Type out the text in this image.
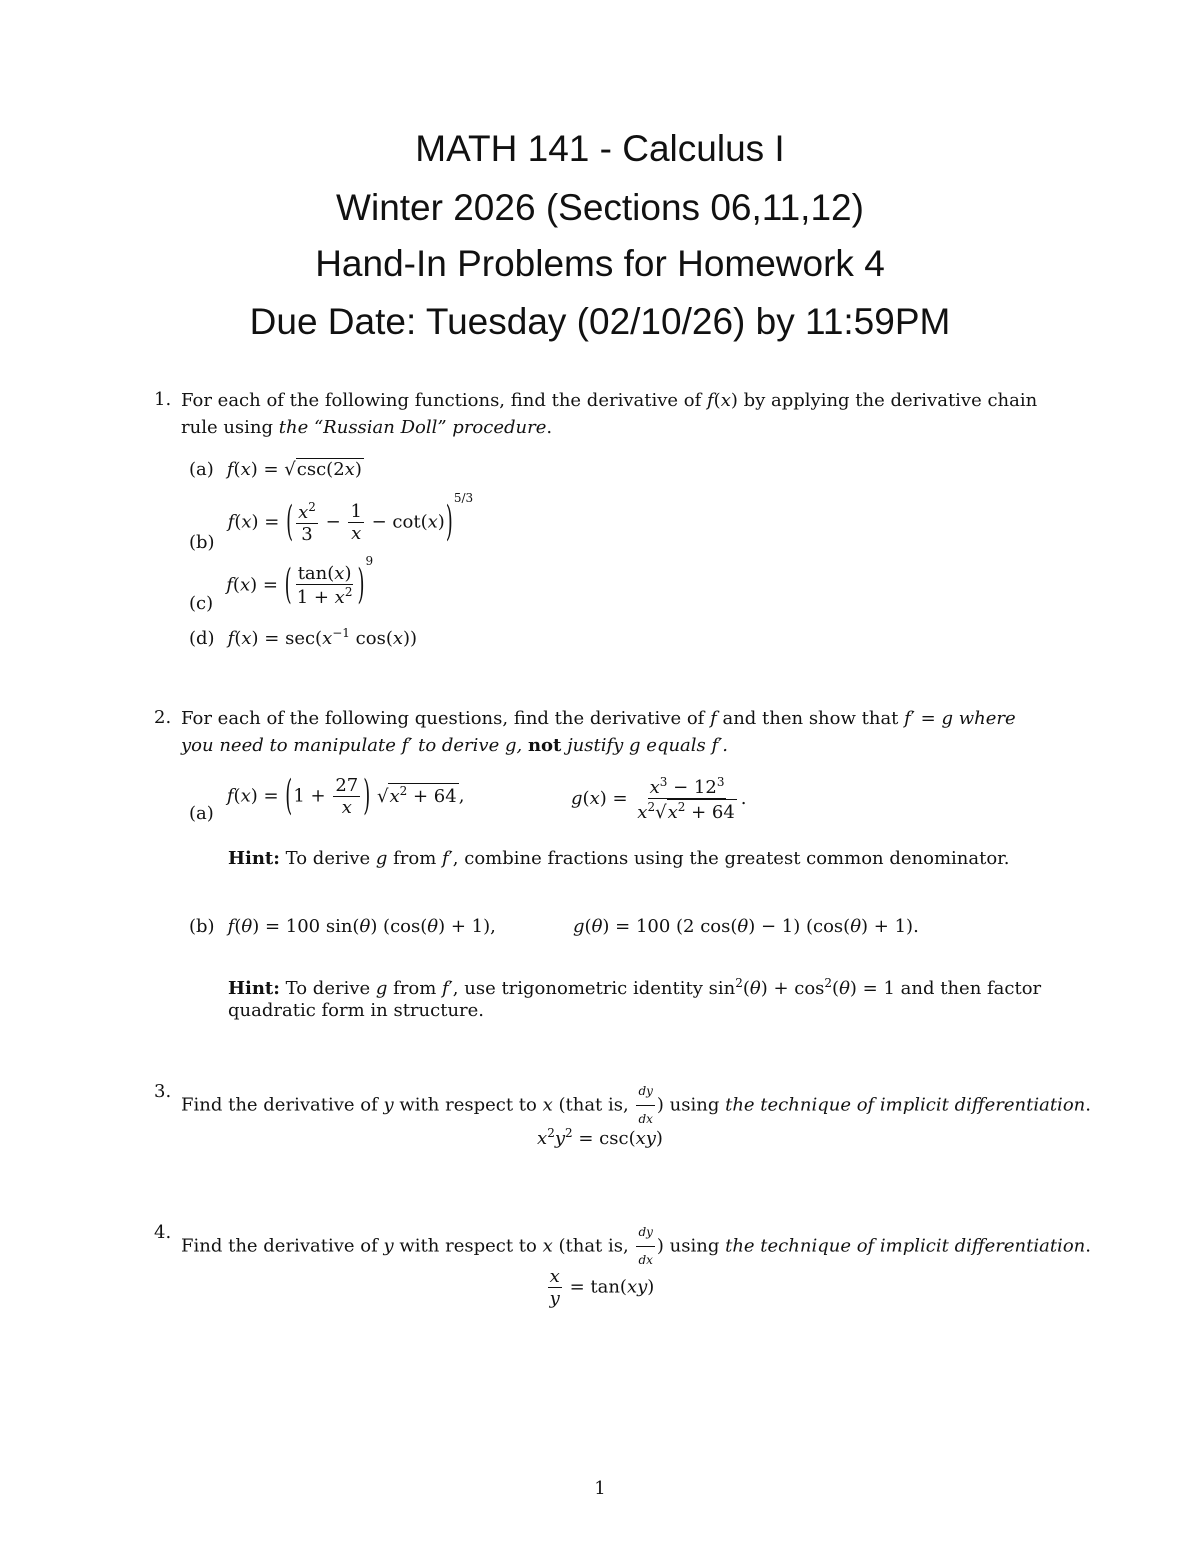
MATH 141 - Calculus I
Winter 2026 (Sections 06,11,12)
Hand-In Problems for Homework 4
Due Date: Tuesday (02/10/26) by 11:59PM
1. For each of the following functions, find the derivative of f(x) by applying the derivative chain
rule using the “Russian Doll” procedure.
(a) f(x) = √csc(2x)
(b) f(x) = ( $\frac{x^2}{3} - \frac{1}{x} - \cot(x))^{5/3}$
(c) f(x) = ( $\frac{\tan(x)}{1 + x^2} )^9$
(d) $f(x) = \sec(x^{-1}$ cos(x))
2. For each of the following questions, find the derivative of f and then show that f′ = g where
you need to manipulate f′ to derive g, not justify g equals f′.
(a) $f(x) = (1 + \frac{27}{x}$ ) $√x^2 + 64$ ,	$g(x) = \frac{x^3 - 12^3}{x^2√x^2 + 64}$ .
Hint: To derive g from f′, combine fractions using the greatest common denominator.
(b) f(θ) = 100 sin(θ) (cos(θ) + 1),	g(θ) = 100 (2 cos(θ) − 1) (cos(θ) + 1).
Hint: To derive g from f′, use trigonometric identity $\sin^2(\theta) + \cos^2(\theta) = 1$ and then factor
quadratic form in structure.
3.
Find the derivative of y with respect to x (that is, $\frac{dy}{dx}$ ) using the technique of implicit differentiation.
$x^2y^2 = \csc(xy)$
4.
Find the derivative of y with respect to x (that is, $\frac{dy}{dx}$ ) using the technique of implicit differentiation.
$\frac{x}{y} = \tan(xy)$
1
